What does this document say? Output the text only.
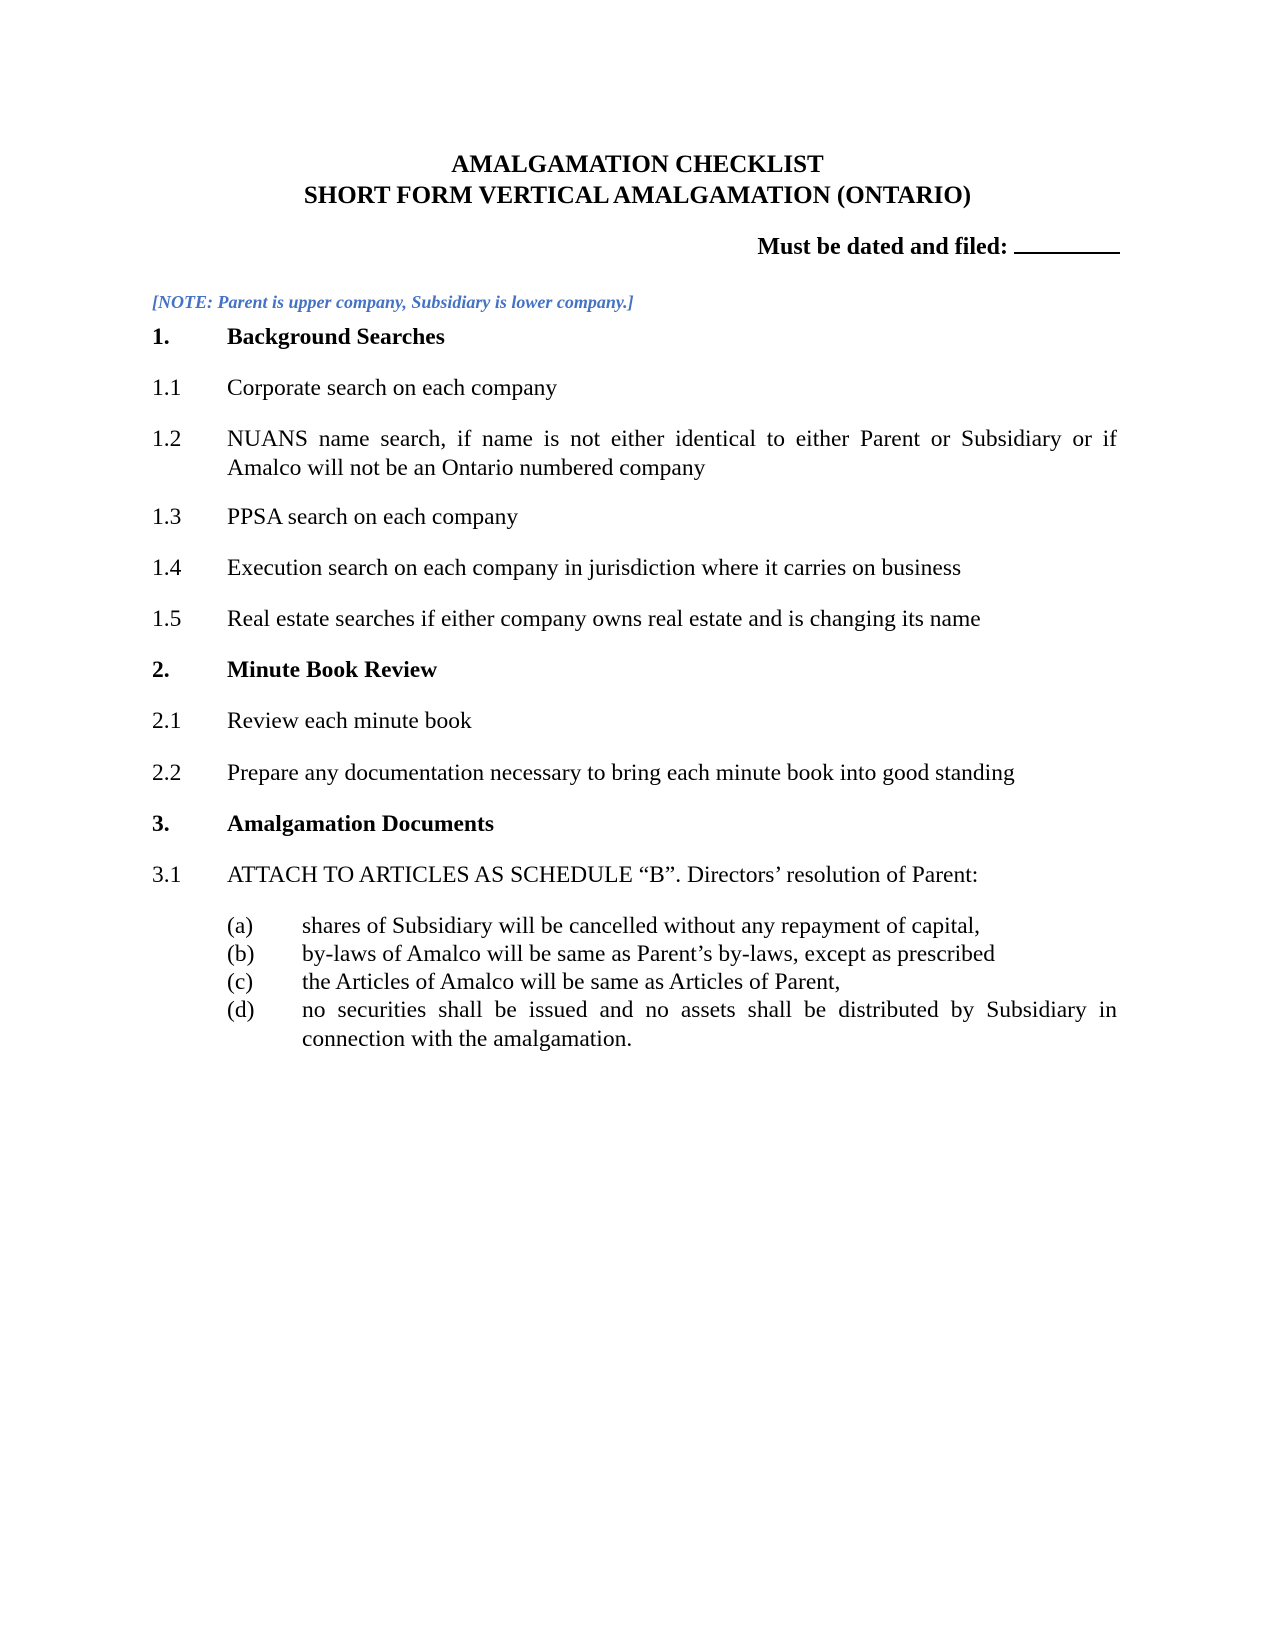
AMALGAMATION CHECKLIST
SHORT FORM VERTICAL AMALGAMATION (ONTARIO)
Must be dated and filed:
[NOTE: Parent is upper company, Subsidiary is lower company.]
1. Background Searches
1.1 Corporate search on each company
1.2 NUANS name search, if name is not either identical to either Parent or Subsidiary or if Amalco will not be an Ontario numbered company
1.3 PPSA search on each company
1.4 Execution search on each company in jurisdiction where it carries on business
1.5 Real estate searches if either company owns real estate and is changing its name
2. Minute Book Review
2.1 Review each minute book
2.2 Prepare any documentation necessary to bring each minute book into good standing
3. Amalgamation Documents
3.1 ATTACH TO ARTICLES AS SCHEDULE “B”. Directors’ resolution of Parent:
(a) shares of Subsidiary will be cancelled without any repayment of capital,
(b) by-laws of Amalco will be same as Parent’s by-laws, except as prescribed
(c) the Articles of Amalco will be same as Articles of Parent,
(d) no securities shall be issued and no assets shall be distributed by Subsidiary in connection with the amalgamation.
